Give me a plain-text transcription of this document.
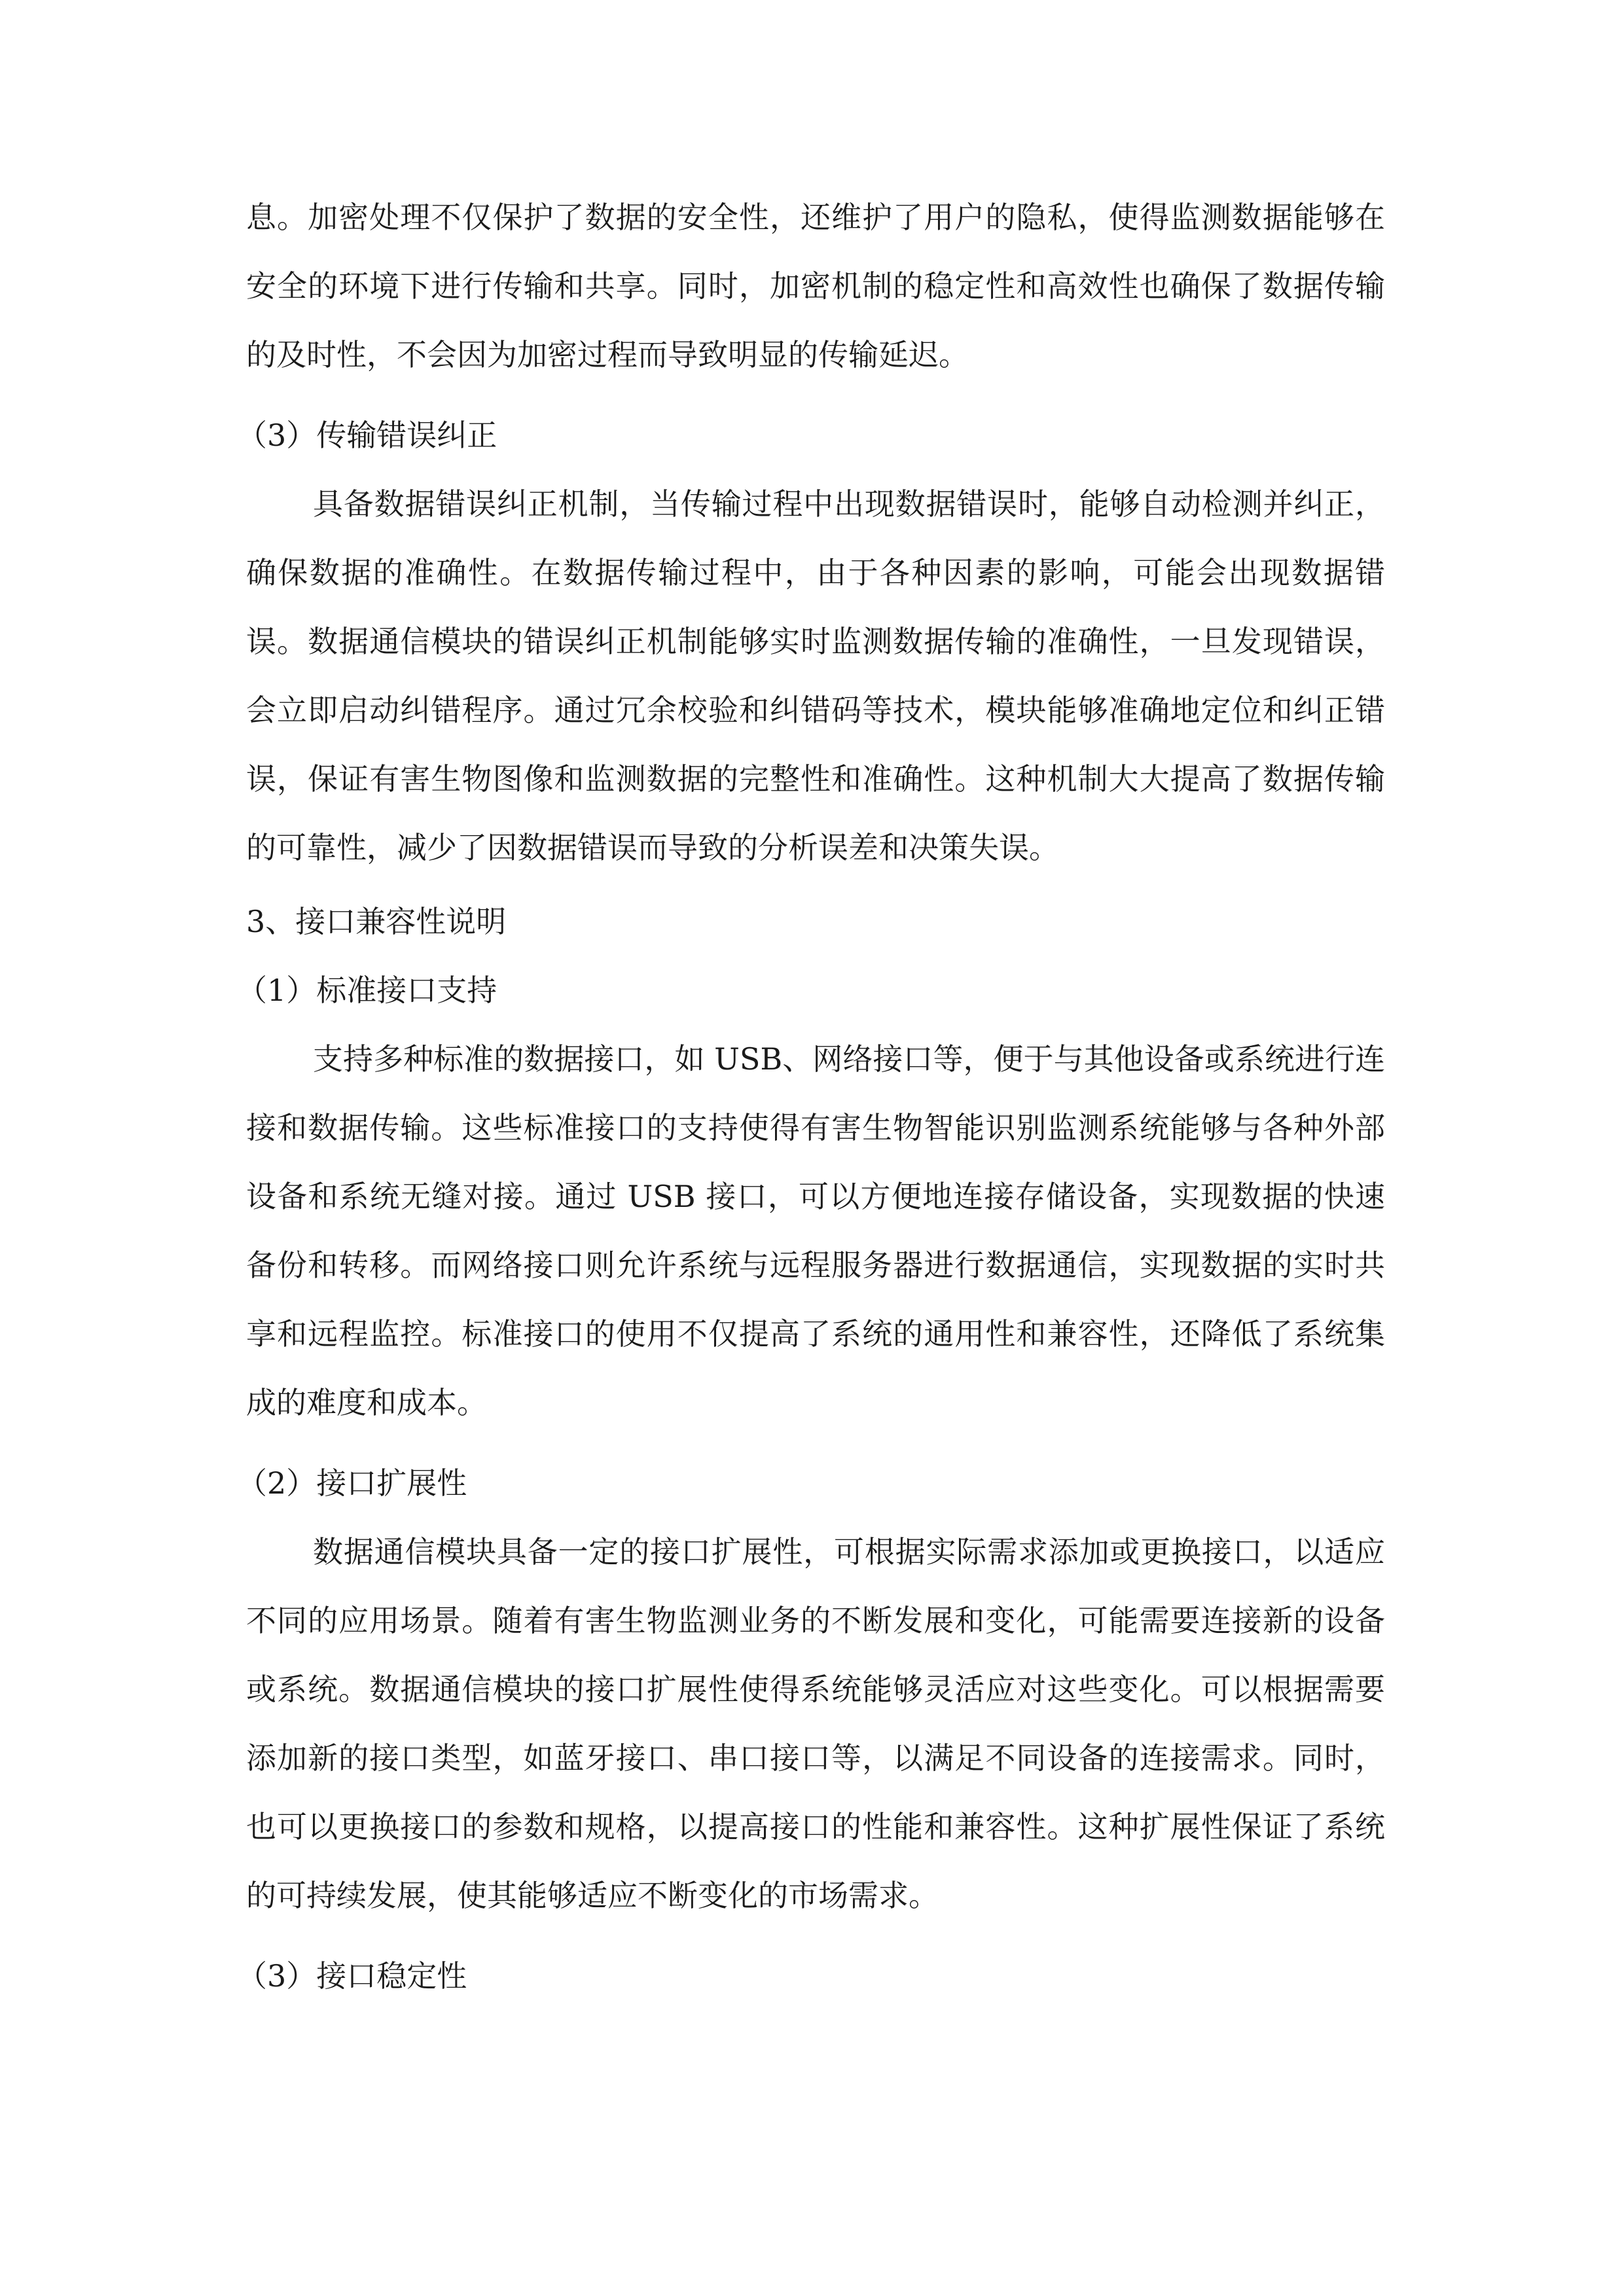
息。加密处理不仅保护了数据的安全性，还维护了用户的隐私，使得监测数据能够在安全的环境下进行传输和共享。同时，加密机制的稳定性和高效性也确保了数据传输的及时性，不会因为加密过程而导致明显的传输延迟。

（3）传输错误纠正

具备数据错误纠正机制，当传输过程中出现数据错误时，能够自动检测并纠正，确保数据的准确性。在数据传输过程中，由于各种因素的影响，可能会出现数据错误。数据通信模块的错误纠正机制能够实时监测数据传输的准确性，一旦发现错误，会立即启动纠错程序。通过冗余校验和纠错码等技术，模块能够准确地定位和纠正错误，保证有害生物图像和监测数据的完整性和准确性。这种机制大大提高了数据传输的可靠性，减少了因数据错误而导致的分析误差和决策失误。

3、接口兼容性说明
（1）标准接口支持

支持多种标准的数据接口，如 USB、网络接口等，便于与其他设备或系统进行连接和数据传输。这些标准接口的支持使得有害生物智能识别监测系统能够与各种外部设备和系统无缝对接。通过 USB 接口，可以方便地连接存储设备，实现数据的快速备份和转移。而网络接口则允许系统与远程服务器进行数据通信，实现数据的实时共享和远程监控。标准接口的使用不仅提高了系统的通用性和兼容性，还降低了系统集成的难度和成本。

（2）接口扩展性

数据通信模块具备一定的接口扩展性，可根据实际需求添加或更换接口，以适应不同的应用场景。随着有害生物监测业务的不断发展和变化，可能需要连接新的设备或系统。数据通信模块的接口扩展性使得系统能够灵活应对这些变化。可以根据需要添加新的接口类型，如蓝牙接口、串口接口等，以满足不同设备的连接需求。同时，也可以更换接口的参数和规格，以提高接口的性能和兼容性。这种扩展性保证了系统的可持续发展，使其能够适应不断变化的市场需求。

（3）接口稳定性
